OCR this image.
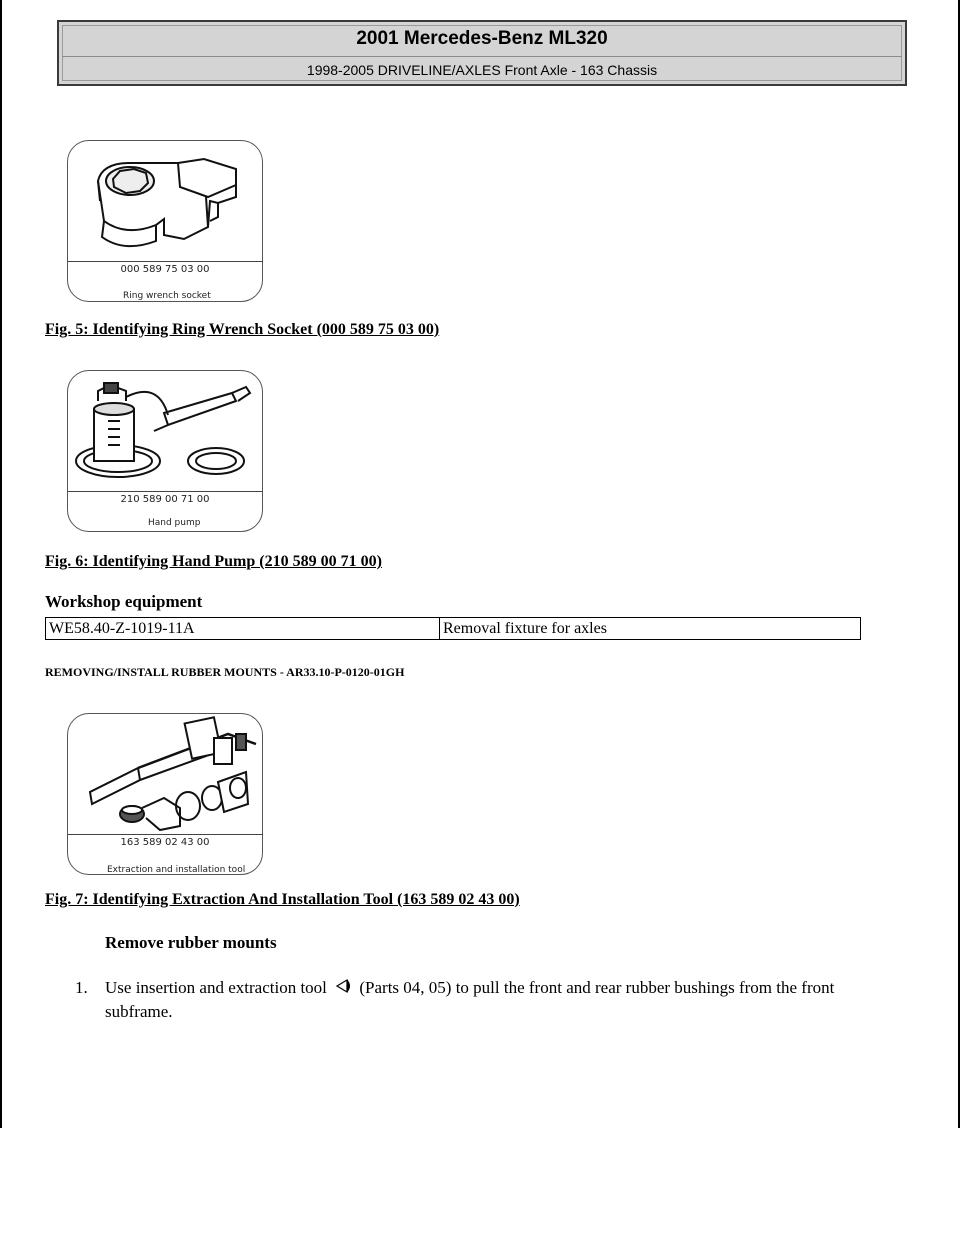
2001 Mercedes-Benz ML320
1998-2005 DRIVELINE/AXLES Front Axle - 163 Chassis
000 589 75 03 00
Ring wrench socket
Fig. 5: Identifying Ring Wrench Socket (000 589 75 03 00)
210 589 00 71 00
Hand pump
Fig. 6: Identifying Hand Pump (210 589 00 71 00)
Workshop equipment
WE58.40-Z-1019-11A	Removal fixture for axles
REMOVING/INSTALL RUBBER MOUNTS - AR33.10-P-0120-01GH
163 589 02 43 00
Extraction and installation tool
Fig. 7: Identifying Extraction And Installation Tool (163 589 02 43 00)
Remove rubber mounts
1. Use insertion and extraction tool (Parts 04, 05) to pull the front and rear rubber bushings from the front subframe.
